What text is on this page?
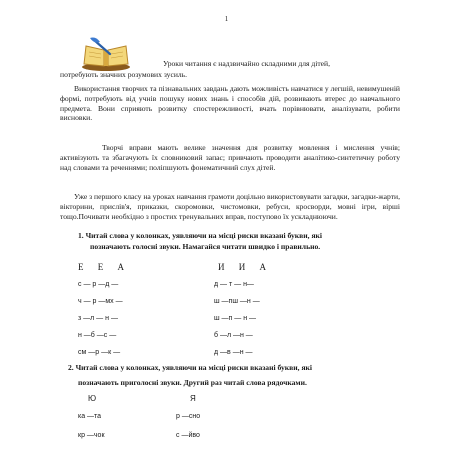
1
Уроки читання є надзвичайно складними для дітей,
потребують значних розумових зусиль.
Використання творчих та пізнавальних завдань дають можливість навчатися у легшій, невимушеній формі, потребують від учнів пошуку нових знань і способів дій, розвивають втерес до навчального предмета. Вони сприяють розвитку спостережливості, вчать порівнювати, аналізувати, робити висновки.
Творчі вправи мають велике значення для розвитку мовлення і мислення учнів; активізують та збагачують їх словниковий запас; привчають проводити аналітико-синтетичну роботу над словами та реченнями; поліпшують фонематичний слух дітей.
Уже з першого класу на уроках навчання грамоти доцільно використовувати загадки, загадки-жарти, вікторини, прислів'я, приказки, скоромовки, чистомовки, ребуси, кросворди, мовні ігри, вірші тощо.Почивати необхідно з простих тренувальних вправ, поступово їх ускладнюючи.
1. Читай слова у колонках, уявляючи на місці риски вказані букви, які
позначають голосні звуки. Намагайся читати швидко і правильно.
Е Е А	И И А
с — р —д —
ч — р —мх —
з —л — н —
н —б —с —
см —р —к —
д — т — н—
ш —пш —н —
ш —п — н —
б —л —н —
д —в —н —
2. Читай слова у колонках, уявляючи на місці риски вказані букви, які
позначають приголосні звуки. Другий раз читай слова рядочками.
Ю	Я
ка —та
кр —чок
р —сно
с —йво
